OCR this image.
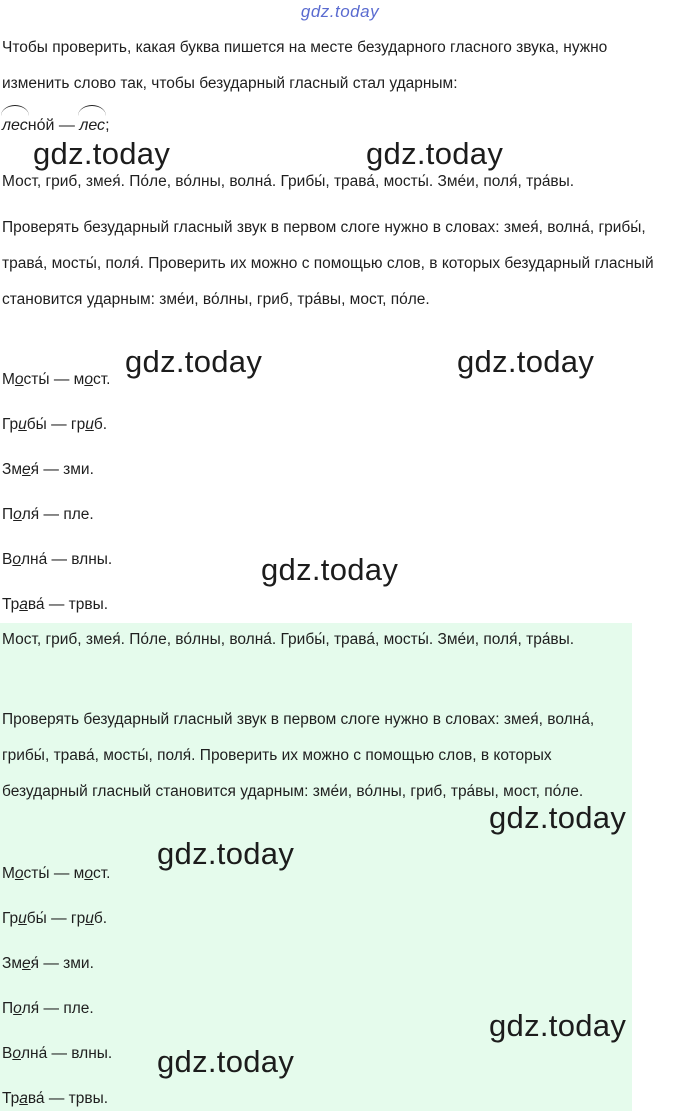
gdz.today

Чтобы проверить, какая буква пишется на месте безударного гласного звука, нужно изменить слово так, чтобы безударный гласный стал ударным:

лесно́й — лес;

Мост, гриб, змея́. По́ле, во́лны, волна́. Грибы́, трава́, мосты́. Зме́и, поля́, тра́вы.

Проверять безударный гласный звук в первом слоге нужно в словах: змея́, волна́, грибы́, трава́, мосты́, поля́. Проверить их можно с помощью слов, в которых безударный гласный становится ударным: зме́и, во́лны, гриб, тра́вы, мост, по́ле.

Мосты́ — мост.

Грибы́ — гриб.

Змея́ — зми.

Поля́ — пле.

Волна́ — влны.

Трава́ — трвы.

Мост, гриб, змея́. По́ле, во́лны, волна́. Грибы́, трава́, мосты́. Зме́и, поля́, тра́вы.

Проверять безударный гласный звук в первом слоге нужно в словах: змея́, волна́, грибы́, трава́, мосты́, поля́. Проверить их можно с помощью слов, в которых безударный гласный становится ударным: зме́и, во́лны, гриб, тра́вы, мост, по́ле.

Мосты́ — мост.

Грибы́ — гриб.

Змея́ — зми.

Поля́ — пле.

Волна́ — влны.

Трава́ — трвы.

gdz.today	gdz.today
gdz.today	gdz.today
gdz.today
gdz.today
gdz.today
gdz.today
gdz.today
